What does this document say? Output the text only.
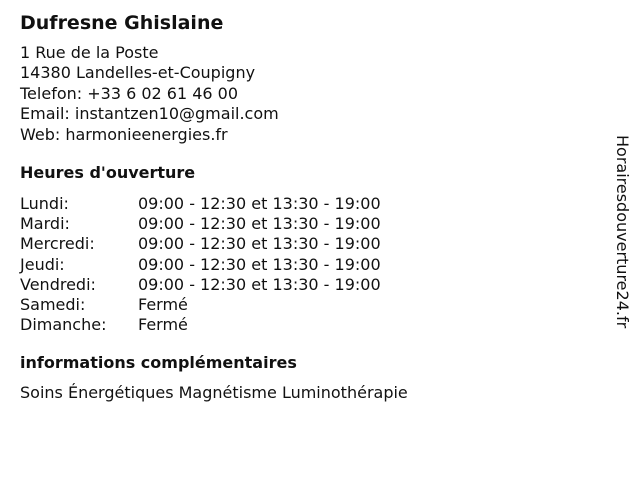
Dufresne Ghislaine
1 Rue de la Poste
14380 Landelles-et-Coupigny
Telefon: +33 6 02 61 46 00
Email: instantzen10@gmail.com
Web: harmonieenergies.fr
Heures d'ouverture
Lundi:	09:00 - 12:30 et 13:30 - 19:00
Mardi:	09:00 - 12:30 et 13:30 - 19:00
Mercredi:	09:00 - 12:30 et 13:30 - 19:00
Jeudi:	09:00 - 12:30 et 13:30 - 19:00
Vendredi:	09:00 - 12:30 et 13:30 - 19:00
Samedi:	Fermé
Dimanche:	Fermé
informations complémentaires
Soins Énergétiques Magnétisme Luminothérapie
Horairesdouverture24.fr
